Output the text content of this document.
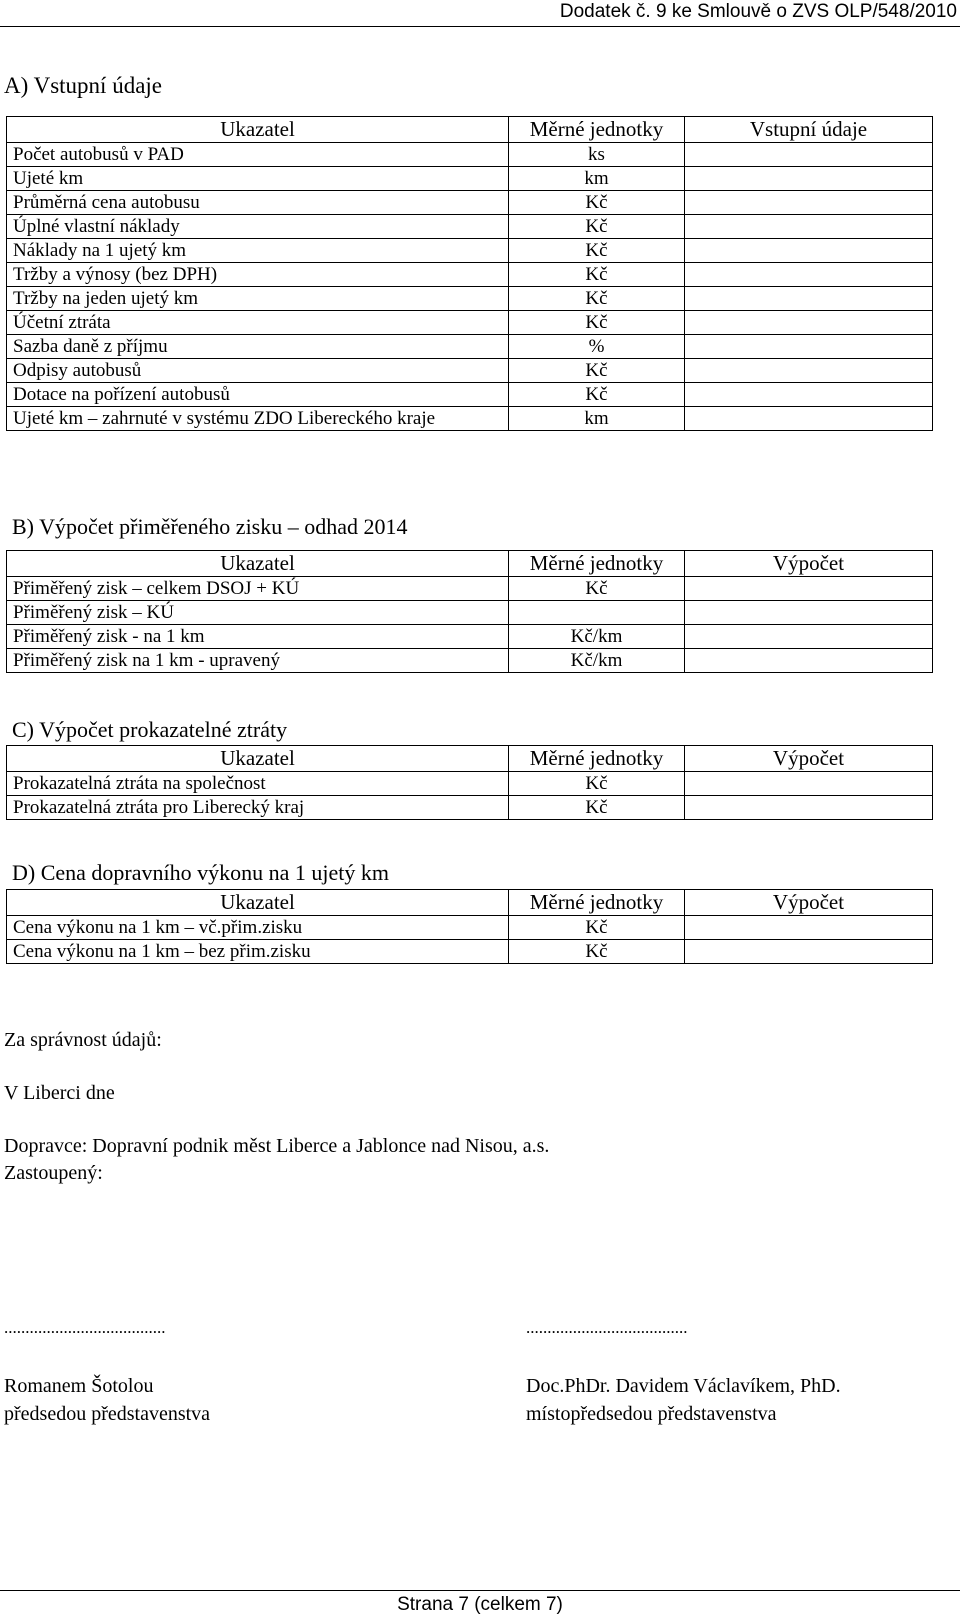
Dodatek č. 9 ke Smlouvě o ZVS OLP/548/2010
A) Vstupní údaje
Ukazatel	Měrné jednotky	Vstupní údaje
Počet autobusů v PAD	ks	
Ujeté km	km	
Průměrná cena autobusu	Kč	
Úplné vlastní náklady	Kč	
Náklady na 1 ujetý km	Kč	
Tržby a výnosy (bez DPH)	Kč	
Tržby na jeden ujetý km	Kč	
Účetní ztráta	Kč	
Sazba daně z příjmu	%	
Odpisy autobusů	Kč	
Dotace na pořízení autobusů	Kč	
Ujeté km – zahrnuté v systému ZDO Libereckého kraje	km	
B) Výpočet přiměřeného zisku – odhad 2014
Ukazatel	Měrné jednotky	Výpočet
Přiměřený zisk – celkem DSOJ + KÚ	Kč	
Přiměřený zisk – KÚ		
Přiměřený zisk - na 1 km	Kč/km	
Přiměřený zisk na 1 km - upravený	Kč/km	
C) Výpočet prokazatelné ztráty
Ukazatel	Měrné jednotky	Výpočet
Prokazatelná ztráta na společnost	Kč	
Prokazatelná ztráta pro Liberecký kraj	Kč	
D) Cena dopravního výkonu na 1 ujetý km
Ukazatel	Měrné jednotky	Výpočet
Cena výkonu na 1 km – vč.přim.zisku	Kč	
Cena výkonu na 1 km – bez přim.zisku	Kč	
Za správnost údajů:
V Liberci dne
Dopravce: Dopravní podnik měst Liberce a Jablonce nad Nisou, a.s.
Zastoupený:
......................................
Romanem Šotolou
předsedou představenstva
......................................
Doc.PhDr. Davidem Václavíkem, PhD.
místopředsedou představenstva
Strana 7 (celkem 7)
